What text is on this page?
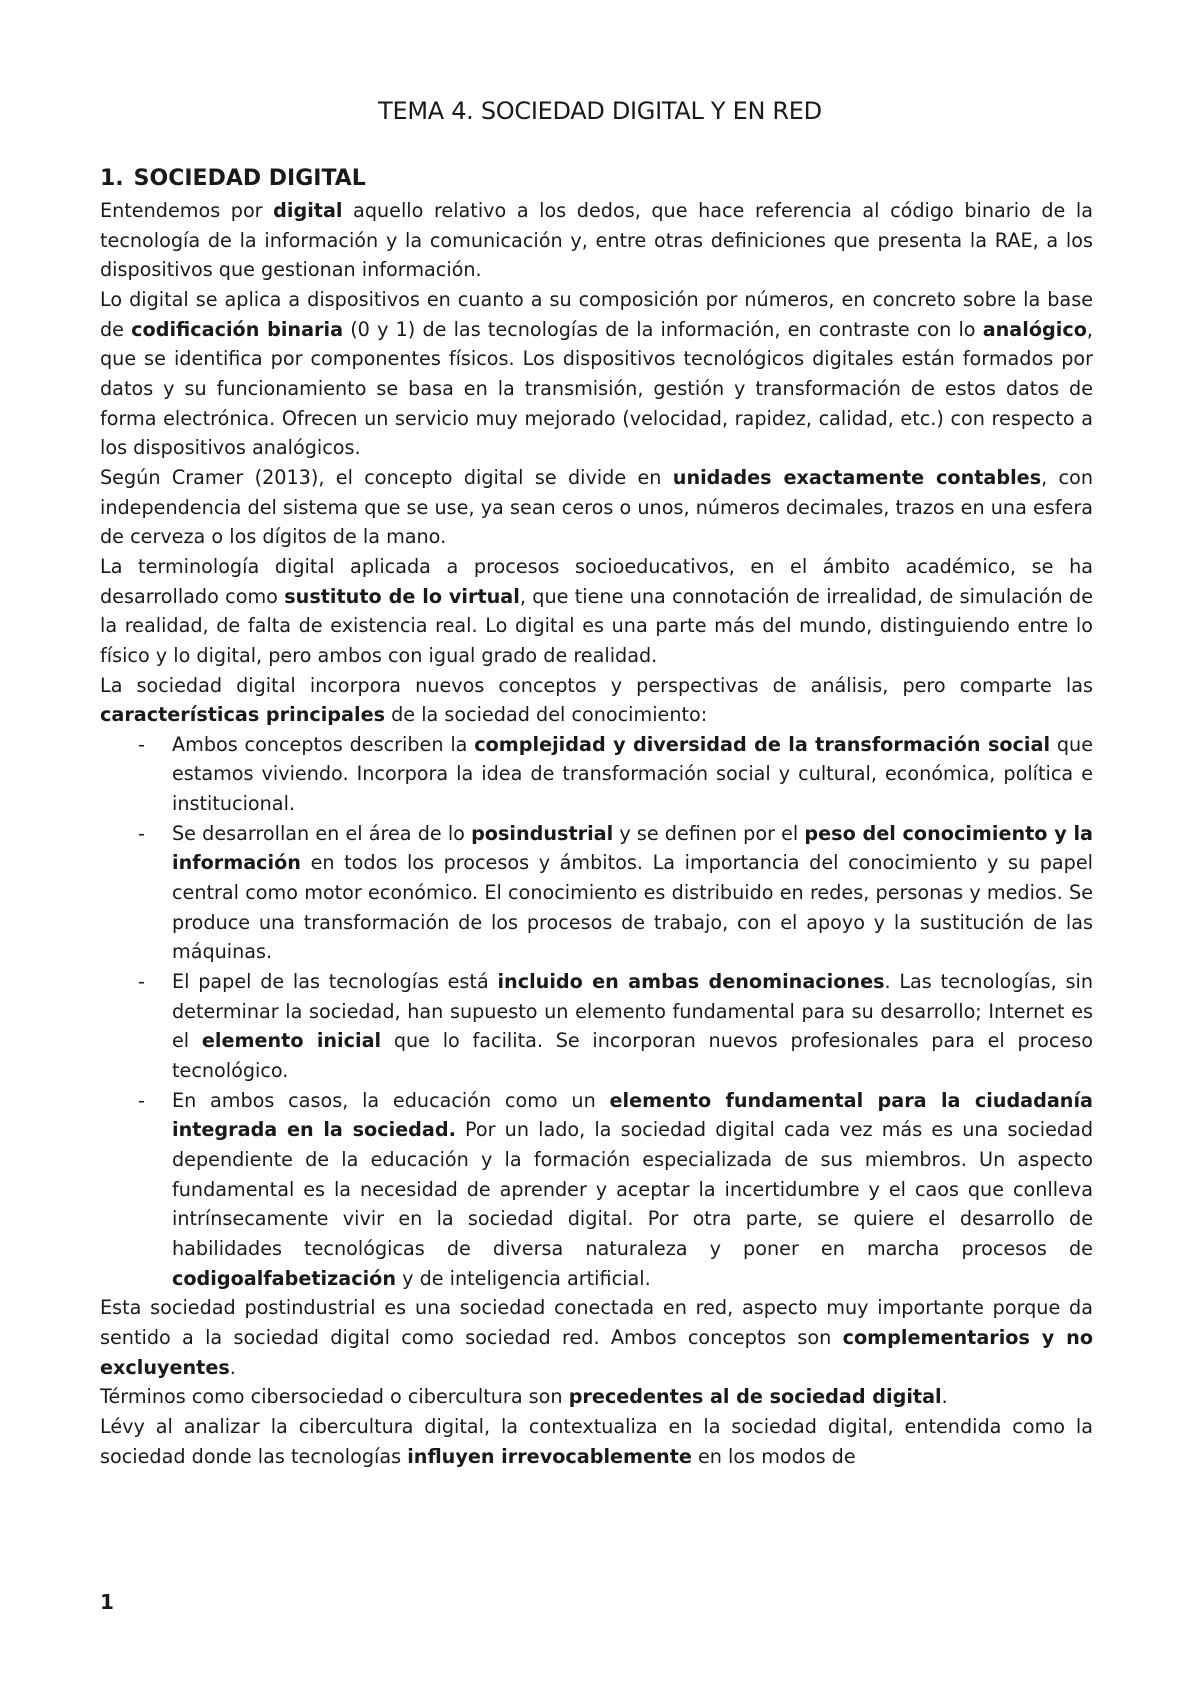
TEMA 4. SOCIEDAD DIGITAL Y EN RED
1. SOCIEDAD DIGITAL

Entendemos por digital aquello relativo a los dedos, que hace referencia al código binario de la tecnología de la información y la comunicación y, entre otras definiciones que presenta la RAE, a los dispositivos que gestionan información.

Lo digital se aplica a dispositivos en cuanto a su composición por números, en concreto sobre la base de codificación binaria (0 y 1) de las tecnologías de la información, en contraste con lo analógico, que se identifica por componentes físicos. Los dispositivos tecnológicos digitales están formados por datos y su funcionamiento se basa en la transmisión, gestión y transformación de estos datos de forma electrónica. Ofrecen un servicio muy mejorado (velocidad, rapidez, calidad, etc.) con respecto a los dispositivos analógicos.

Según Cramer (2013), el concepto digital se divide en unidades exactamente contables, con independencia del sistema que se use, ya sean ceros o unos, números decimales, trazos en una esfera de cerveza o los dígitos de la mano.

La terminología digital aplicada a procesos socioeducativos, en el ámbito académico, se ha desarrollado como sustituto de lo virtual, que tiene una connotación de irrealidad, de simulación de la realidad, de falta de existencia real. Lo digital es una parte más del mundo, distinguiendo entre lo físico y lo digital, pero ambos con igual grado de realidad.

La sociedad digital incorpora nuevos conceptos y perspectivas de análisis, pero comparte las características principales de la sociedad del conocimiento:

- Ambos conceptos describen la complejidad y diversidad de la transformación social que estamos viviendo. Incorpora la idea de transformación social y cultural, económica, política e institucional.
- Se desarrollan en el área de lo posindustrial y se definen por el peso del conocimiento y la información en todos los procesos y ámbitos. La importancia del conocimiento y su papel central como motor económico. El conocimiento es distribuido en redes, personas y medios. Se produce una transformación de los procesos de trabajo, con el apoyo y la sustitución de las máquinas.
- El papel de las tecnologías está incluido en ambas denominaciones. Las tecnologías, sin determinar la sociedad, han supuesto un elemento fundamental para su desarrollo; Internet es el elemento inicial que lo facilita. Se incorporan nuevos profesionales para el proceso tecnológico.
- En ambos casos, la educación como un elemento fundamental para la ciudadanía integrada en la sociedad. Por un lado, la sociedad digital cada vez más es una sociedad dependiente de la educación y la formación especializada de sus miembros. Un aspecto fundamental es la necesidad de aprender y aceptar la incertidumbre y el caos que conlleva intrínsecamente vivir en la sociedad digital. Por otra parte, se quiere el desarrollo de habilidades tecnológicas de diversa naturaleza y poner en marcha procesos de codigoalfabetización y de inteligencia artificial.

Esta sociedad postindustrial es una sociedad conectada en red, aspecto muy importante porque da sentido a la sociedad digital como sociedad red. Ambos conceptos son complementarios y no excluyentes.

Términos como cibersociedad o cibercultura son precedentes al de sociedad digital.

Lévy al analizar la cibercultura digital, la contextualiza en la sociedad digital, entendida como la sociedad donde las tecnologías influyen irrevocablemente en los modos de

1
